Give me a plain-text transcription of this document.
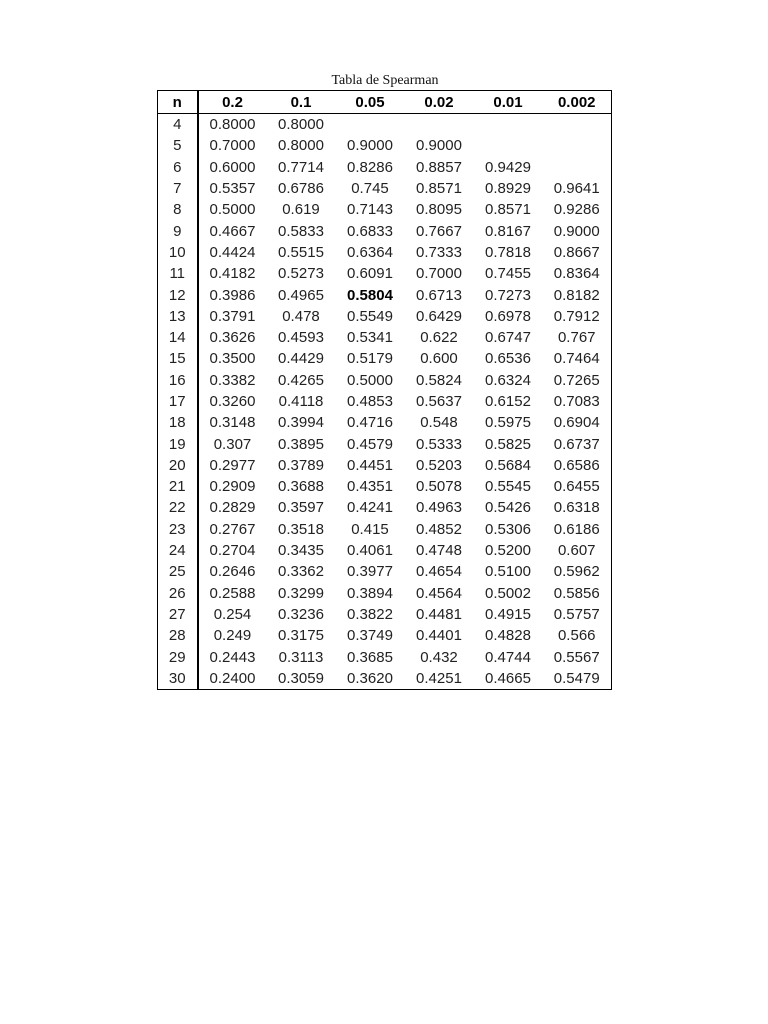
Tabla de Spearman
n	0.2	0.1	0.05	0.02	0.01	0.002
4	0.8000	0.8000				
5	0.7000	0.8000	0.9000	0.9000		
6	0.6000	0.7714	0.8286	0.8857	0.9429	
7	0.5357	0.6786	0.745	0.8571	0.8929	0.9641
8	0.5000	0.619	0.7143	0.8095	0.8571	0.9286
9	0.4667	0.5833	0.6833	0.7667	0.8167	0.9000
10	0.4424	0.5515	0.6364	0.7333	0.7818	0.8667
11	0.4182	0.5273	0.6091	0.7000	0.7455	0.8364
12	0.3986	0.4965	0.5804	0.6713	0.7273	0.8182
13	0.3791	0.478	0.5549	0.6429	0.6978	0.7912
14	0.3626	0.4593	0.5341	0.622	0.6747	0.767
15	0.3500	0.4429	0.5179	0.600	0.6536	0.7464
16	0.3382	0.4265	0.5000	0.5824	0.6324	0.7265
17	0.3260	0.4118	0.4853	0.5637	0.6152	0.7083
18	0.3148	0.3994	0.4716	0.548	0.5975	0.6904
19	0.307	0.3895	0.4579	0.5333	0.5825	0.6737
20	0.2977	0.3789	0.4451	0.5203	0.5684	0.6586
21	0.2909	0.3688	0.4351	0.5078	0.5545	0.6455
22	0.2829	0.3597	0.4241	0.4963	0.5426	0.6318
23	0.2767	0.3518	0.415	0.4852	0.5306	0.6186
24	0.2704	0.3435	0.4061	0.4748	0.5200	0.607
25	0.2646	0.3362	0.3977	0.4654	0.5100	0.5962
26	0.2588	0.3299	0.3894	0.4564	0.5002	0.5856
27	0.254	0.3236	0.3822	0.4481	0.4915	0.5757
28	0.249	0.3175	0.3749	0.4401	0.4828	0.566
29	0.2443	0.3113	0.3685	0.432	0.4744	0.5567
30	0.2400	0.3059	0.3620	0.4251	0.4665	0.5479
